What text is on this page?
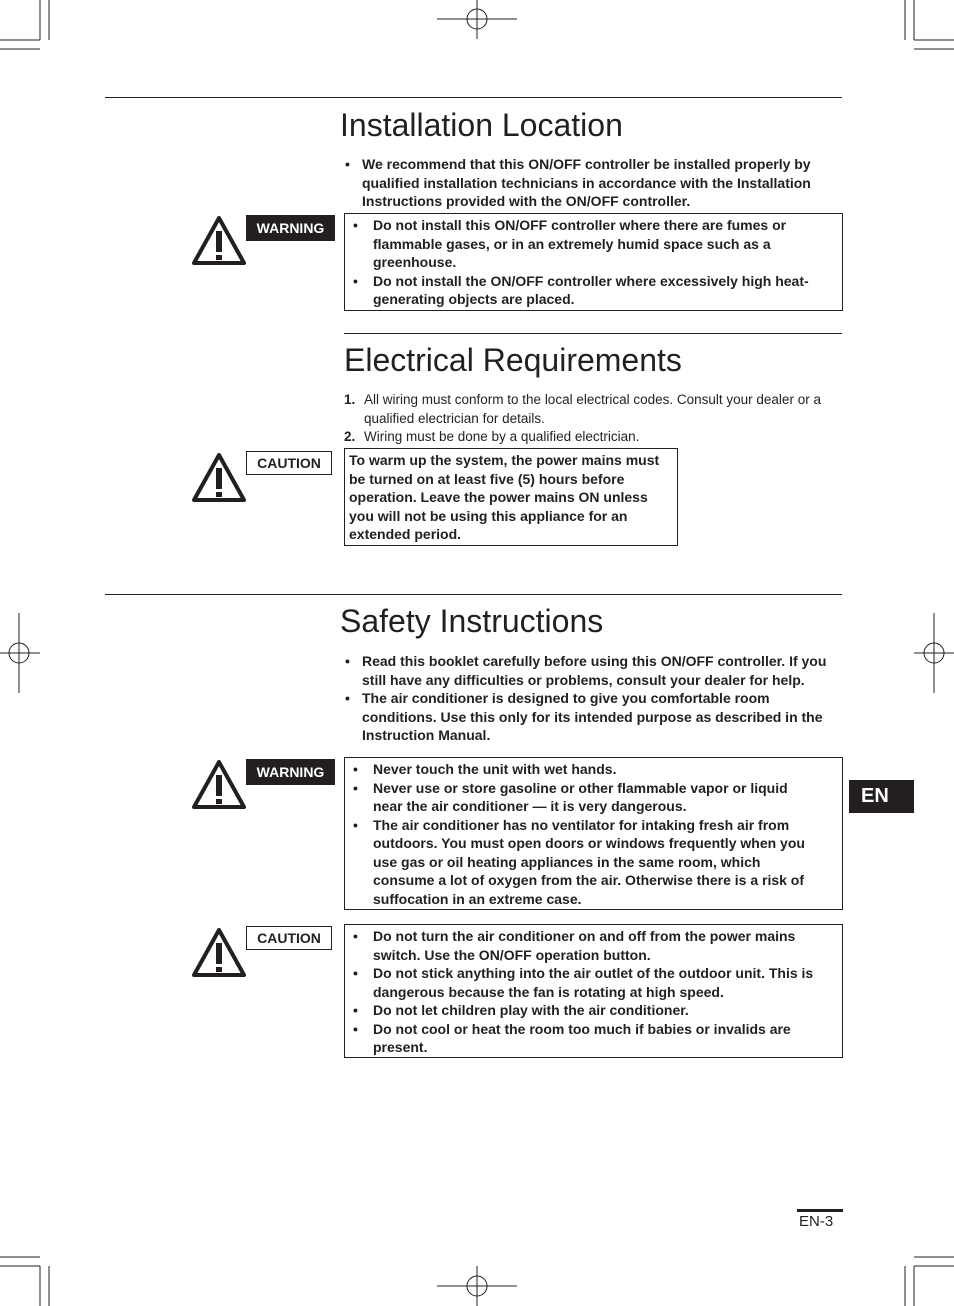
Installation Location
• We recommend that this ON/OFF controller be installed properly by qualified installation technicians in accordance with the Installation Instructions provided with the ON/OFF controller.
WARNING	• Do not install this ON/OFF controller where there are fumes or flammable gases, or in an extremely humid space such as a greenhouse.
• Do not install the ON/OFF controller where excessively high heat-generating objects are placed.
Electrical Requirements
1. All wiring must conform to the local electrical codes. Consult your dealer or a qualified electrician for details.
2. Wiring must be done by a qualified electrician.
CAUTION	To warm up the system, the power mains must be turned on at least five (5) hours before operation. Leave the power mains ON unless you will not be using this appliance for an extended period.
Safety Instructions
• Read this booklet carefully before using this ON/OFF controller. If you still have any difficulties or problems, consult your dealer for help.
• The air conditioner is designed to give you comfortable room conditions. Use this only for its intended purpose as described in the Instruction Manual.
WARNING	• Never touch the unit with wet hands.
• Never use or store gasoline or other flammable vapor or liquid near the air conditioner — it is very dangerous.
• The air conditioner has no ventilator for intaking fresh air from outdoors. You must open doors or windows frequently when you use gas or oil heating appliances in the same room, which consume a lot of oxygen from the air. Otherwise there is a risk of suffocation in an extreme case.
CAUTION	• Do not turn the air conditioner on and off from the power mains switch. Use the ON/OFF operation button.
• Do not stick anything into the air outlet of the outdoor unit. This is dangerous because the fan is rotating at high speed.
• Do not let children play with the air conditioner.
• Do not cool or heat the room too much if babies or invalids are present.
EN
EN-3
